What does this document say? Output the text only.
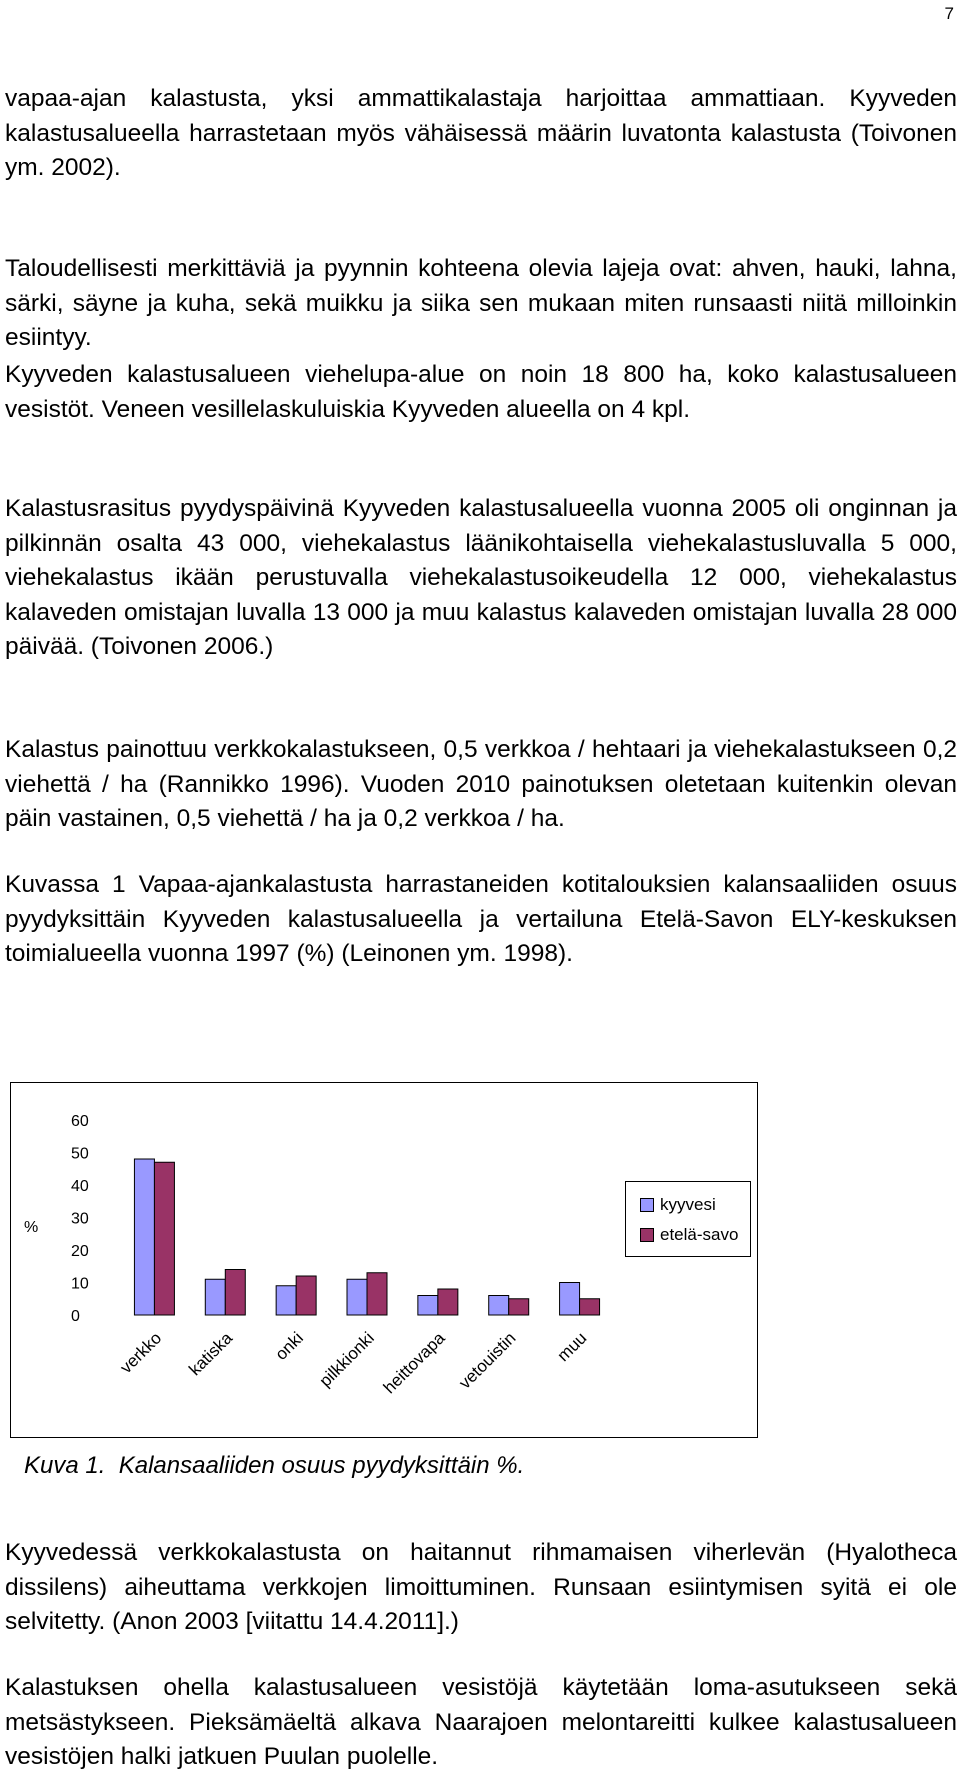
7

vapaa-ajan kalastusta, yksi ammattikalastaja harjoittaa ammattiaan. Kyyveden kalastusalueella harrastetaan myös vähäisessä määrin luvatonta kalastusta (Toivonen ym. 2002).

Taloudellisesti merkittäviä ja pyynnin kohteena olevia lajeja ovat: ahven, hauki, lahna, särki, säyne ja kuha, sekä muikku ja siika sen mukaan miten runsaasti niitä milloinkin esiintyy.

Kyyveden kalastusalueen viehelupa-alue on noin 18 800 ha, koko kalastusalueen vesistöt. Veneen vesillelaskuluiskia Kyyveden alueella on 4 kpl.

Kalastusrasitus pyydyspäivinä Kyyveden kalastusalueella vuonna 2005 oli onginnan ja pilkinnän osalta 43 000, viehekalastus läänikohtaisella viehekalastusluvalla 5 000, viehekalastus ikään perustuvalla viehekalastusoikeudella 12 000, viehekalastus kalaveden omistajan luvalla 13 000 ja muu kalastus kalaveden omistajan luvalla 28 000 päivää. (Toivonen 2006.)

Kalastus painottuu verkkokalastukseen, 0,5 verkkoa / hehtaari ja viehekalastukseen 0,2 viehettä / ha (Rannikko 1996). Vuoden 2010 painotuksen oletetaan kuitenkin olevan päin vastainen, 0,5 viehettä / ha ja 0,2 verkkoa / ha.

Kuvassa 1 Vapaa-ajankalastusta harrastaneiden kotitalouksien kalansaaliiden osuus pyydyksittäin Kyyveden kalastusalueella ja vertailuna Etelä-Savon ELY-keskuksen toimialueella vuonna 1997 (%) (Leinonen ym. 1998).

%
0
10
20
30
40
50
60
verkko katiska onki pilkkionki heittovapa vetouistin muu
kyyvesi
etelä-savo
Kuva 1.  Kalansaaliiden osuus pyydyksittäin %.

Kyyvedessä verkkokalastusta on haitannut rihmamaisen viherlevän (Hyalotheca dissilens) aiheuttama verkkojen limoittuminen. Runsaan esiintymisen syitä ei ole selvitetty. (Anon 2003 [viitattu 14.4.2011].)

Kalastuksen ohella kalastusalueen vesistöjä käytetään loma-asutukseen sekä metsästykseen. Pieksämäeltä alkava Naarajoen melontareitti kulkee kalastusalueen vesistöjen halki jatkuen Puulan puolelle.
